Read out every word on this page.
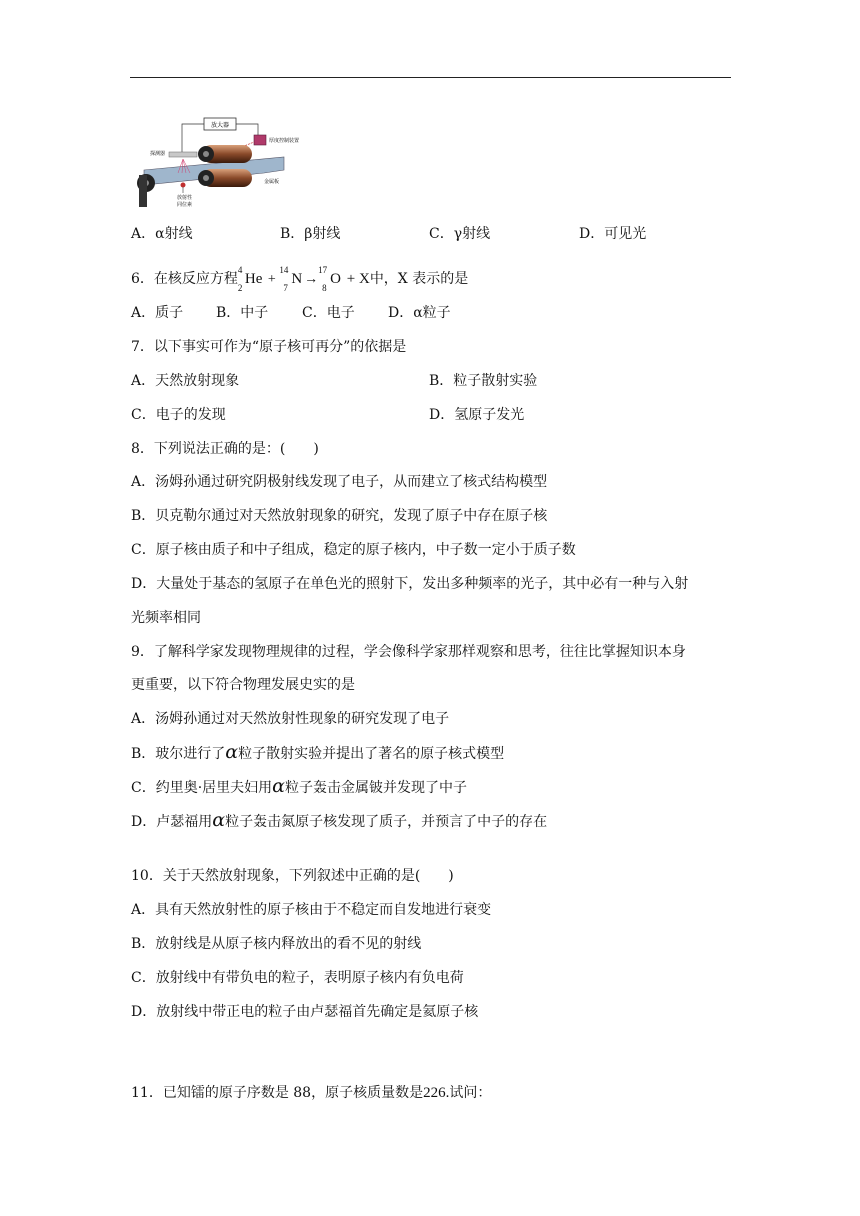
放大器
厚度控制装置
探测器
金属板
放射性
同位素
A．α射线	B．β射线	C．γ射线	D．可见光
6．在核反应方程
4
2
He +
14
7
N →
17
8
O + X中，X 表示的是
A．质子 B．中子 C．电子 D．α粒子
7．以下事实可作为“原子核可再分”的依据是
A．天然放射现象	B．粒子散射实验
C．电子的发现	D．氢原子发光
8．下列说法正确的是：(　　)
A．汤姆孙通过研究阴极射线发现了电子，从而建立了核式结构模型
B．贝克勒尔通过对天然放射现象的研究，发现了原子中存在原子核
C．原子核由质子和中子组成，稳定的原子核内，中子数一定小于质子数
D．大量处于基态的氢原子在单色光的照射下，发出多种频率的光子，其中必有一种与入射
光频率相同
9．了解科学家发现物理规律的过程，学会像科学家那样观察和思考，往往比掌握知识本身
更重要，以下符合物理发展史实的是
A．汤姆孙通过对天然放射性现象的研究发现了电子
B．玻尔进行了α粒子散射实验并提出了著名的原子核式模型
C．约里奥·居里夫妇用α粒子轰击金属铍并发现了中子
D．卢瑟福用α粒子轰击氮原子核发现了质子，并预言了中子的存在
10．关于天然放射现象，下列叙述中正确的是(　　)
A．具有天然放射性的原子核由于不稳定而自发地进行衰变
B．放射线是从原子核内释放出的看不见的射线
C．放射线中有带负电的粒子，表明原子核内有负电荷
D．放射线中带正电的粒子由卢瑟福首先确定是氦原子核
11．已知镭的原子序数是 88，原子核质量数是226.试问：
